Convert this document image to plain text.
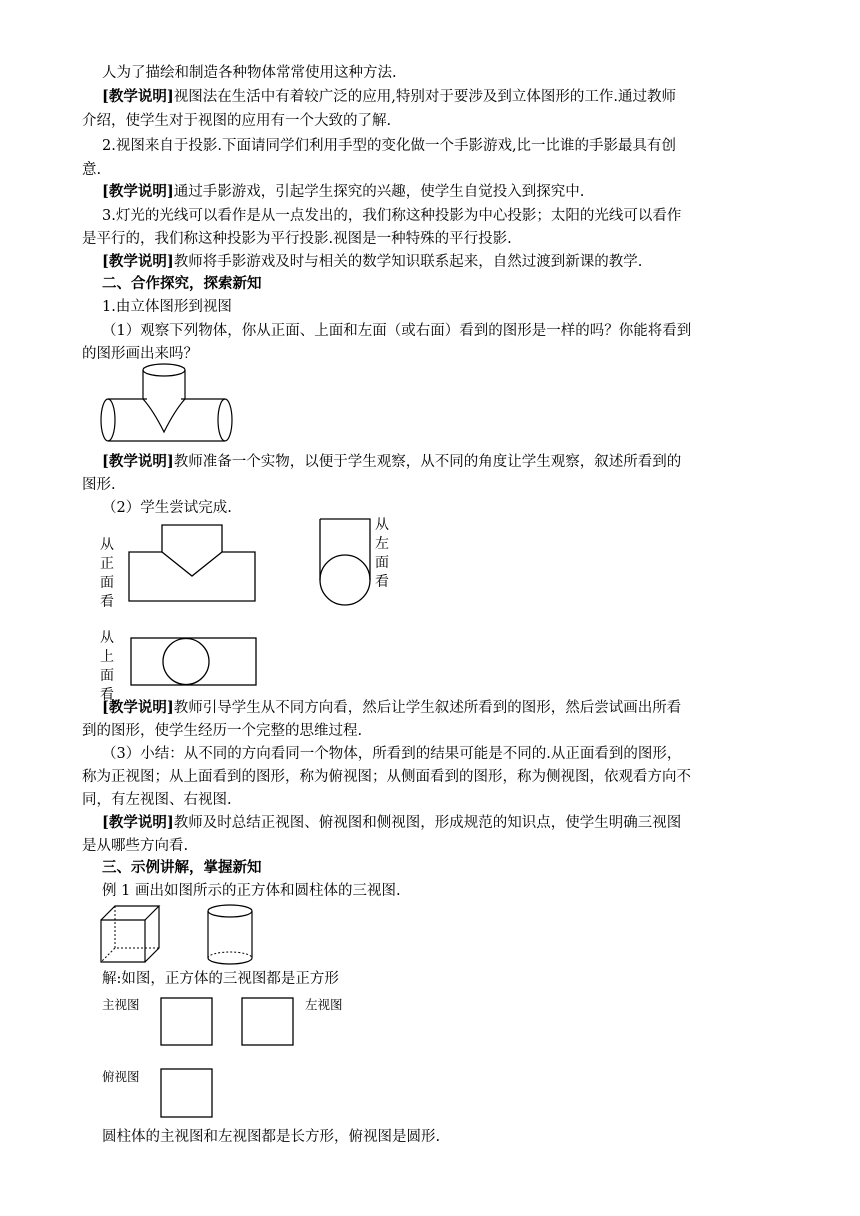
人为了描绘和制造各种物体常常使用这种方法.
[教学说明]视图法在生活中有着较广泛的应用,特别对于要涉及到立体图形的工作.通过教师
介绍，使学生对于视图的应用有一个大致的了解.
2.视图来自于投影.下面请同学们利用手型的变化做一个手影游戏,比一比谁的手影最具有创
意.
[教学说明]通过手影游戏，引起学生探究的兴趣，使学生自觉投入到探究中.
3.灯光的光线可以看作是从一点发出的，我们称这种投影为中心投影；太阳的光线可以看作
是平行的，我们称这种投影为平行投影.视图是一种特殊的平行投影.
[教学说明]教师将手影游戏及时与相关的数学知识联系起来，自然过渡到新课的教学.
二、合作探究，探索新知
1.由立体图形到视图
（1）观察下列物体，你从正面、上面和左面（或右面）看到的图形是一样的吗？你能将看到
的图形画出来吗？
[教学说明]教师准备一个实物，以便于学生观察，从不同的角度让学生观察，叙述所看到的
图形.
（2）学生尝试完成.
从正面看
从左面看
从上面看
[教学说明]教师引导学生从不同方向看，然后让学生叙述所看到的图形，然后尝试画出所看
到的图形，使学生经历一个完整的思维过程.
（3）小结：从不同的方向看同一个物体，所看到的结果可能是不同的.从正面看到的图形，
称为正视图；从上面看到的图形，称为俯视图；从侧面看到的图形，称为侧视图，依观看方向不
同，有左视图、右视图.
[教学说明]教师及时总结正视图、俯视图和侧视图，形成规范的知识点，使学生明确三视图
是从哪些方向看.
三、示例讲解，掌握新知
例 1 画出如图所示的正方体和圆柱体的三视图.
解:如图，正方体的三视图都是正方形
主视图	左视图
俯视图
圆柱体的主视图和左视图都是长方形，俯视图是圆形.
